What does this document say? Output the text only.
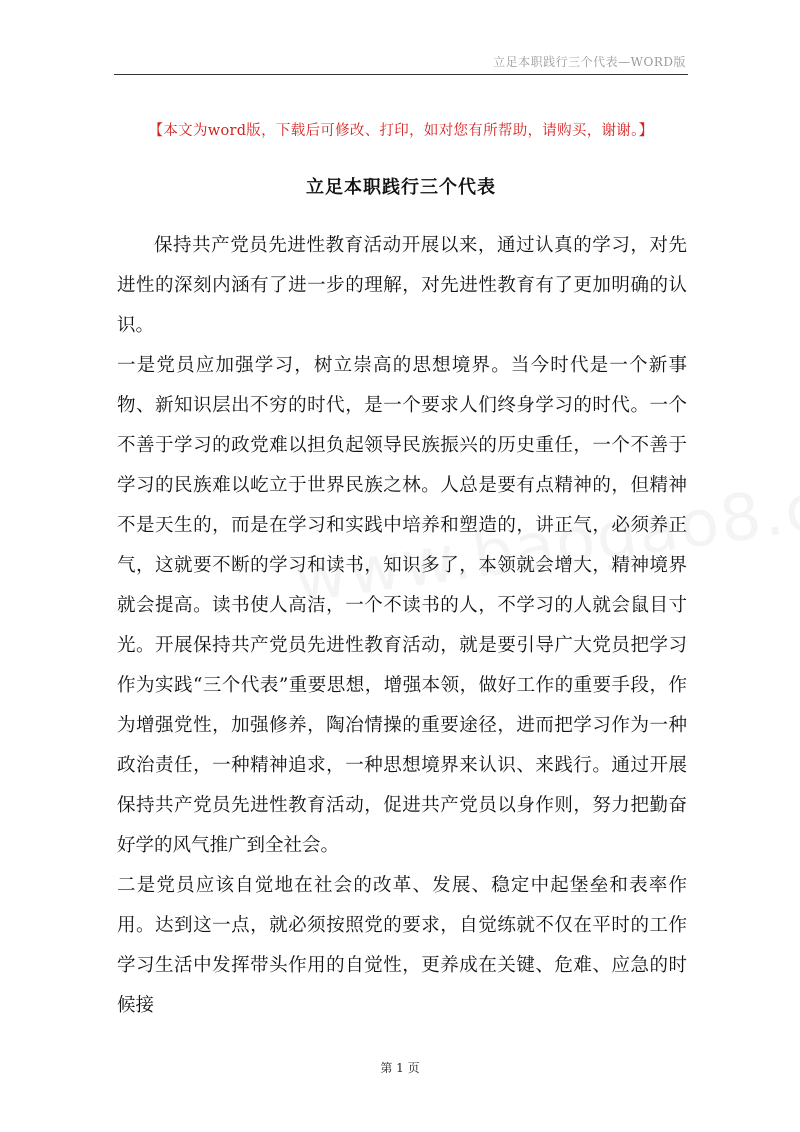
立足本职践行三个代表—WORD版
【本文为word版，下载后可修改、打印，如对您有所帮助，请购买，谢谢。】
立足本职践行三个代表

保持共产党员先进性教育活动开展以来，通过认真的学习，对先进性的深刻内涵有了进一步的理解，对先进性教育有了更加明确的认识。

一是党员应加强学习，树立崇高的思想境界。当今时代是一个新事物、新知识层出不穷的时代，是一个要求人们终身学习的时代。一个不善于学习的政党难以担负起领导民族振兴的历史重任，一个不善于学习的民族难以屹立于世界民族之林。人总是要有点精神的，但精神不是天生的，而是在学习和实践中培养和塑造的，讲正气，必须养正气，这就要不断的学习和读书，知识多了，本领就会增大，精神境界就会提高。读书使人高洁，一个不读书的人，不学习的人就会鼠目寸光。开展保持共产党员先进性教育活动，就是要引导广大党员把学习作为实践“三个代表”重要思想，增强本领，做好工作的重要手段，作为增强党性，加强修养，陶冶情操的重要途径，进而把学习作为一种政治责任，一种精神追求，一种思想境界来认识、来践行。通过开展保持共产党员先进性教育活动，促进共产党员以身作则，努力把勤奋好学的风气推广到全社会。

二是党员应该自觉地在社会的改革、发展、稳定中起堡垒和表率作用。达到这一点，就必须按照党的要求，自觉练就不仅在平时的工作学习生活中发挥带头作用的自觉性，更养成在关键、危难、应急的时候接

第 1 页
